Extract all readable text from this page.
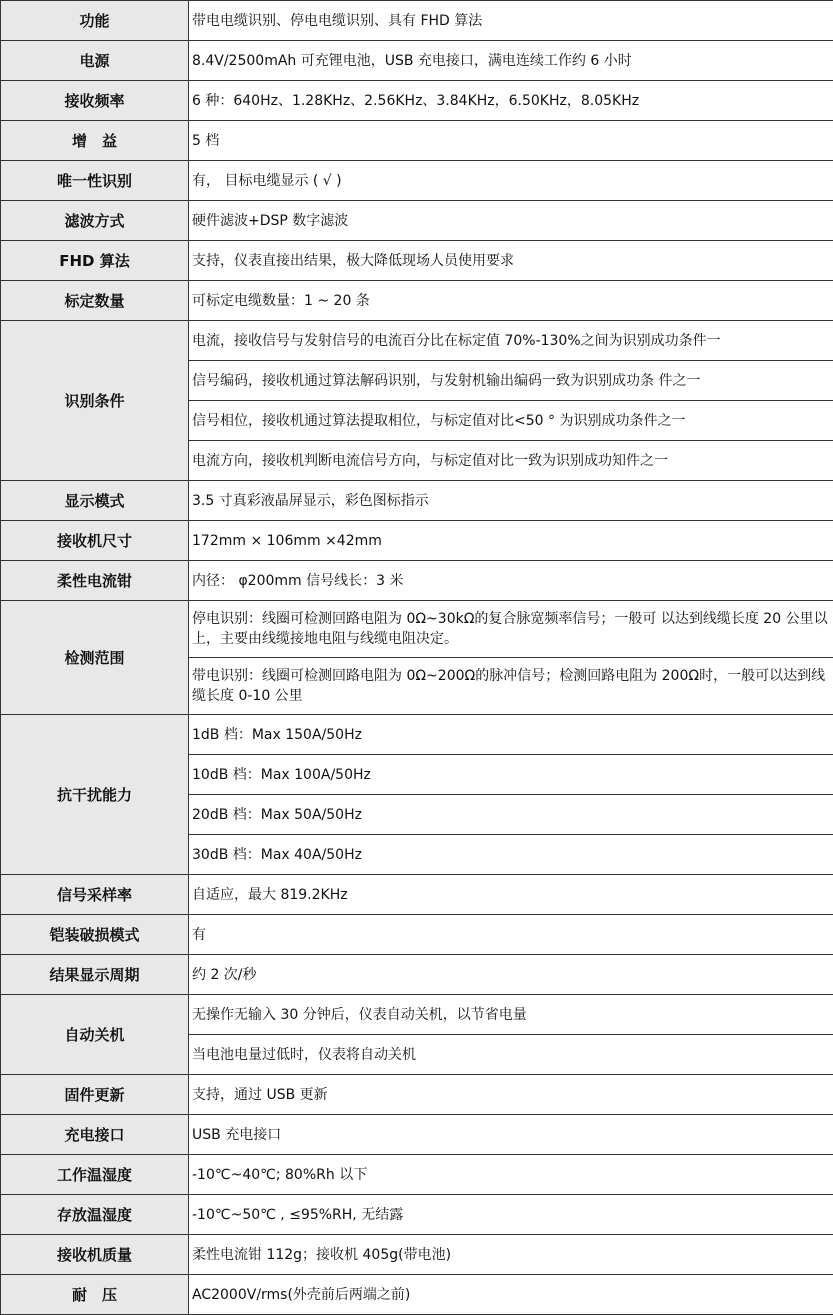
功能	带电电缆识别、停电电缆识别、具有 FHD 算法
电源	8.4V/2500mAh 可充锂电池，USB 充电接口，满电连续工作约 6 小时
接收频率	6 种：640Hz、1.28KHz、2.56KHz、3.84KHz，6.50KHz，8.05KHz
增　益	5 档
唯一性识别	有， 目标电缆显示 ( √ )
滤波方式	硬件滤波+DSP 数字滤波
FHD 算法	支持，仪表直接出结果，极大降低现场人员使用要求
标定数量	可标定电缆数量：1 ~ 20 条
识别条件	电流，接收信号与发射信号的电流百分比在标定值 70%-130%之间为识别成功条件一
	信号编码，接收机通过算法解码识别，与发射机输出编码一致为识别成功条 件之一
	信号相位，接收机通过算法提取相位，与标定值对比<50 ° 为识别成功条件之一
	电流方向，接收机判断电流信号方向，与标定值对比一致为识别成功知件之一
显示模式	3.5 寸真彩液晶屏显示，彩色图标指示
接收机尺寸	172mm × 106mm ×42mm
柔性电流钳	内径： φ200mm 信号线长：3 米
检测范围	停电识别：线圈可检测回路电阻为 0Ω~30kΩ的复合脉宽频率信号；一般可 以达到线缆长度 20 公里以上，主要由线缆接地电阻与线缆电阻决定。
	带电识别：线圈可检测回路电阻为 0Ω~200Ω的脉冲信号；检测回路电阻为 200Ω时，一般可以达到线缆长度 0-10 公里
抗干扰能力	1dB 档：Max 150A/50Hz
	10dB 档：Max 100A/50Hz
	20dB 档：Max 50A/50Hz
	30dB 档：Max 40A/50Hz
信号采样率	自适应，最大 819.2KHz
铠装破损模式	有
结果显示周期	约 2 次/秒
自动关机	无操作无输入 30 分钟后，仪表自动关机，以节省电量
	当电池电量过低时，仪表将自动关机
固件更新	支持，通过 USB 更新
充电接口	USB 充电接口
工作温湿度	-10℃~40℃; 80%Rh 以下
存放温湿度	-10℃~50℃ , ≤95%RH, 无结露
接收机质量	柔性电流钳 112g；接收机 405g(带电池)
耐　压	AC2000V/rms(外壳前后两端之前)
